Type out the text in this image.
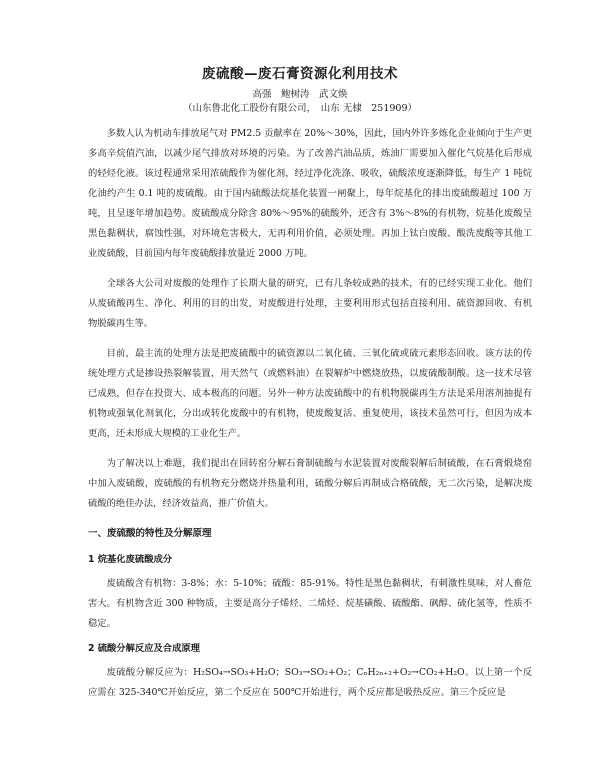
废硫酸—废石膏资源化利用技术
高强　鲍树涛　武文焕
（山东鲁北化工股份有限公司，　山东 无棣　251909）

多数人认为机动车排放尾气对 PM2.5 贡献率在 20%～30%，因此，国内外许多炼化企业倾向于生产更多高辛烷值汽油，以减少尾气排放对环境的污染。为了改善汽油品质，炼油厂需要加入催化气烷基化后形成的轻烃化液。该过程通常采用浓硫酸作为催化剂，经过净化洗涤、吸收，硫酸浓度逐渐降低，每生产 1 吨烷化油约产生 0.1 吨的废硫酸。由于国内硫酸法烷基化装置一闸聚上，每年烷基化的排出废硫酸超过 100 万吨，且呈逐年增加趋势。废硫酸成分除含 80%～95%的硫酸外，还含有 3%～8%的有机物，烷基化废酸呈黑色黏稠状，腐蚀性强，对环境危害极大，无再利用价值，必须处理。再加上钛白废酸、酸洗废酸等其他工业废硫酸，目前国内每年废硫酸排放量近 2000 万吨。

全球各大公司对废酸的处理作了长期大量的研究，已有几条较成熟的技术，有的已经实现工业化。他们从废硫酸再生、净化、利用的目的出发，对废酸进行处理，主要利用形式包括直接利用、硫资源回收、有机物脱碳再生等。

目前，最主流的处理方法是把废硫酸中的硫资源以二氧化硫、三氧化硫或硫元素形态回收。该方法的传统处理方式是掺设热裂解装置，用天然气（或燃料油）在裂解炉中燃烧放热，以废硫酸制酸。这一技术尽管已成熟，但存在投资大、成本极高的问题。另外一种方法废硫酸中的有机物脱碳再生方法是采用溶剂抽提有机物或强氧化剂氧化，分出或转化废酸中的有机物，使废酸复活、重复使用，该技术虽然可行，但因为成本更高，还未形成大规模的工业化生产。

为了解决以上难题，我们提出在回转窑分解石膏制硫酸与水泥装置对废酸裂解后制硫酸，在石膏煅烧窑中加入废硫酸，废硫酸的有机物充分燃烧并热量利用，硫酸分解后再制成合格硫酸，无二次污染，是解决废硫酸的绝佳办法，经济效益高，推广价值大。

一、废硫酸的特性及分解原理
1 烷基化废硫酸成分

废硫酸含有机物：3-8%；水：5-10%；硫酸：85-91%。特性是黑色黏稠状，有刺激性臭味，对人畜危害大。有机物含近 300 种物质，主要是高分子烯烃、二烯烃、烷基磺酸、硫酸酯、砜醇、硫化氢等，性质不稳定。

2 硫酸分解反应及合成原理

废硫酸分解反应为：H₂SO₄→SO₃+H₂O；SO₃→SO₂+O₂；CₙH₂ₙ₊₂+O₂→CO₂+H₂O。以上第一个反应需在 325-340℃开始反应，第二个反应在 500℃开始进行，两个反应都是吸热反应。第三个反应是
